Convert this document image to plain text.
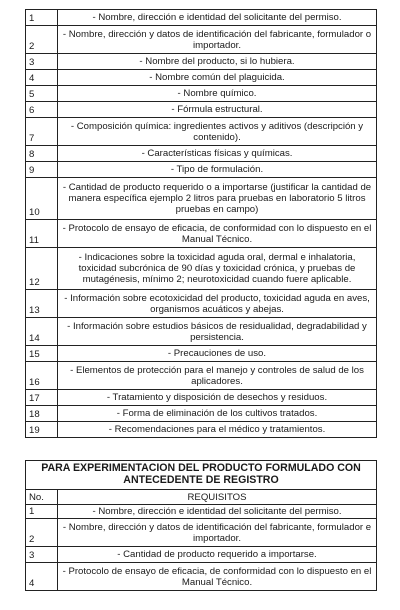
1	- Nombre, dirección e identidad del solicitante del permiso.
2	- Nombre, dirección y datos de identificación del fabricante, formulador o importador.
3	- Nombre del producto, si lo hubiera.
4	- Nombre común del plaguicida.
5	- Nombre químico.
6	- Fórmula estructural.
7	- Composición química: ingredientes activos y aditivos (descripción y contenido).
8	- Características físicas y químicas.
9	- Tipo de formulación.
10	- Cantidad de producto requerido o a importarse (justificar la cantidad de manera específica ejemplo 2 litros para pruebas en laboratorio 5 litros pruebas en campo)
11	- Protocolo de ensayo de eficacia, de conformidad con lo dispuesto en el Manual Técnico.
12	- Indicaciones sobre la toxicidad aguda oral, dermal e inhalatoria, toxicidad subcrónica de 90 días y toxicidad crónica, y pruebas de mutagénesis, mínimo 2; neurotoxicidad cuando fuere aplicable.
13	- Información sobre ecotoxicidad del producto, toxicidad aguda en aves, organismos acuáticos y abejas.
14	- Información sobre estudios básicos de residualidad, degradabilidad y persistencia.
15	- Precauciones de uso.
16	- Elementos de protección para el manejo y controles de salud de los aplicadores.
17	- Tratamiento y disposición de desechos y residuos.
18	- Forma de eliminación de los cultivos tratados.
19	- Recomendaciones para el médico y tratamientos.
PARA EXPERIMENTACION DEL PRODUCTO FORMULADO CON ANTECEDENTE DE REGISTRO	
No.	REQUISITOS
1	- Nombre, dirección e identidad del solicitante del permiso.
2	- Nombre, dirección y datos de identificación del fabricante, formulador e importador.
3	- Cantidad de producto requerido a importarse.
4	- Protocolo de ensayo de eficacia, de conformidad con lo dispuesto en el Manual Técnico.
